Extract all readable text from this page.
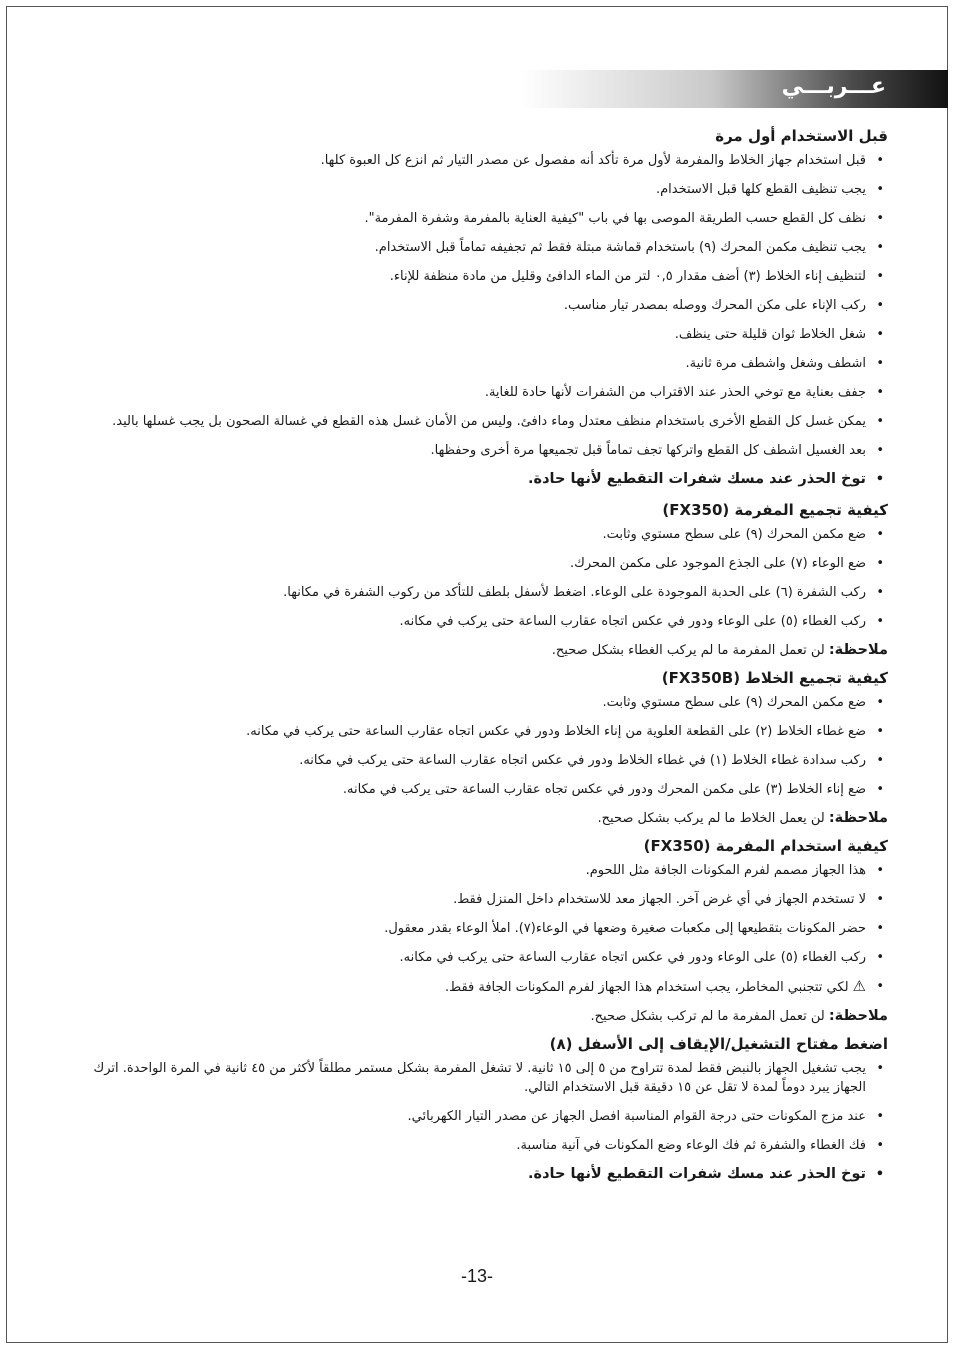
عـــربـــي
قبل الاستخدام أول مرة
•
قبل استخدام جهاز الخلاط والمفرمة لأول مرة تأكد أنه مفصول عن مصدر التيار ثم انزع كل العبوة كلها.
•
يجب تنظيف القطع كلها قبل الاستخدام.
•
نظف كل القطع حسب الطريقة الموصى بها في باب "كيفية العناية بالمفرمة وشفرة المفرمة".
•
يجب تنظيف مكمن المحرك (٩) باستخدام قماشة مبتلة فقط ثم تجفيفه تماماً قبل الاستخدام.
•
لتنظيف إناء الخلاط (٣) أضف مقدار ٠,٥ لتر من الماء الدافئ وقليل من مادة منظفة للإناء.
•
ركب الإناء على مكن المحرك ووصله بمصدر تيار مناسب.
•
شغل الخلاط ثوان قليلة حتى ينظف.
•
اشطف وشغل واشطف مرة ثانية.
•
جفف بعناية مع توخي الحذر عند الاقتراب من الشفرات لأنها حادة للغاية.
•
يمكن غسل كل القطع الأخرى باستخدام منظف معتدل وماء دافئ. وليس من الأمان غسل هذه القطع في غسالة الصحون بل يجب غسلها باليد.
•
بعد الغسيل اشطف كل القطع واتركها تجف تماماً قبل تجميعها مرة أخرى وحفظها.
•
توخ الحذر عند مسك شفرات التقطيع لأنها حادة.
كيفية تجميع المفرمة (FX350)
•
ضع مكمن المحرك (٩) على سطح مستوي وثابت.
•
ضع الوعاء (٧) على الجذع الموجود على مكمن المحرك.
•
ركب الشفرة (٦) على الحدبة الموجودة على الوعاء. اضغط لأسفل بلطف للتأكد من ركوب الشفرة في مكانها.
•
ركب الغطاء (٥) على الوعاء ودور في عكس اتجاه عقارب الساعة حتى يركب في مكانه.
ملاحظة: لن تعمل المفرمة ما لم يركب الغطاء بشكل صحيح.
كيفية تجميع الخلاط (FX350B)
•
ضع مكمن المحرك (٩) على سطح مستوي وثابت.
•
ضع غطاء الخلاط (٢) على القطعة العلوية من إناء الخلاط ودور في عكس اتجاه عقارب الساعة حتى يركب في مكانه.
•
ركب سدادة غطاء الخلاط (١) في غطاء الخلاط ودور في عكس اتجاه عقارب الساعة حتى يركب في مكانه.
•
ضع إناء الخلاط (٣) على مكمن المحرك ودور في عكس تجاه عقارب الساعة حتى يركب في مكانه.
ملاحظة: لن يعمل الخلاط ما لم يركب بشكل صحيح.
كيفية استخدام المفرمة (FX350)
•
هذا الجهاز مصمم لفرم المكونات الجافة مثل اللحوم.
•
لا تستخدم الجهاز في أي غرض آخر. الجهاز معد للاستخدام داخل المنزل فقط.
•
حضر المكونات بتقطيعها إلى مكعبات صغيرة وضعها في الوعاء(٧). املأ الوعاء بقدر معقول.
•
ركب الغطاء (٥) على الوعاء ودور في عكس اتجاه عقارب الساعة حتى يركب في مكانه.
•
⚠لكي تتجنبي المخاطر، يجب استخدام هذا الجهاز لفرم المكونات الجافة فقط.
ملاحظة: لن تعمل المفرمة ما لم تركب بشكل صحيح.
اضغط مفتاح التشغيل/الإيقاف إلى الأسفل (٨)
•
يجب تشغيل الجهاز بالنبض فقط لمدة تتراوح من ٥ إلى ١٥ ثانية. لا تشغل المفرمة بشكل مستمر مطلقاً لأكثر من ٤٥ ثانية في المرة الواحدة. اترك الجهاز يبرد دوماً لمدة لا تقل عن ١٥ دقيقة قبل الاستخدام التالي.
•
عند مزج المكونات حتى درجة القوام المناسبة افصل الجهاز عن مصدر التيار الكهربائي.
•
فك الغطاء والشفرة ثم فك الوعاء وضع المكونات في آنية مناسبة.
•
توخ الحذر عند مسك شفرات التقطيع لأنها حادة.
-13-
